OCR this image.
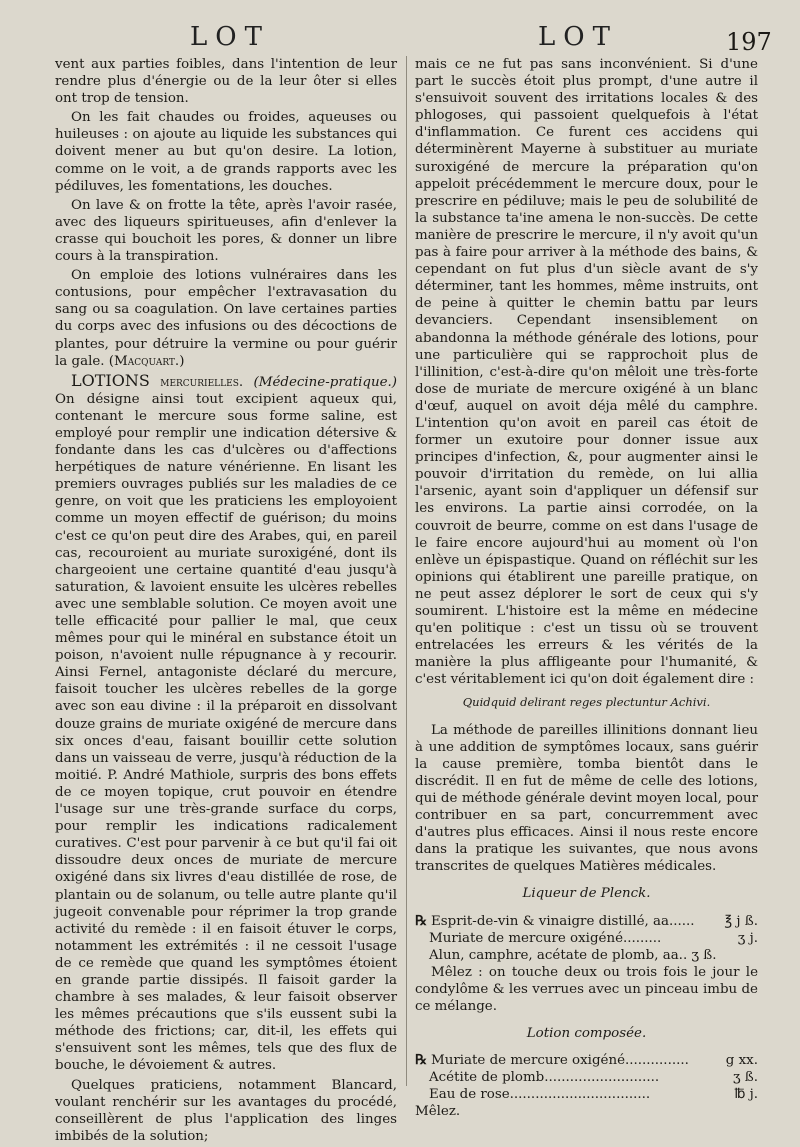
LOT	LOT	197

vent aux parties foibles, dans l'intention de leur rendre plus d'énergie ou de la leur ôter si elles ont trop de tension.

On les fait chaudes ou froides, aqueuses ou huileuses : on ajoute au liquide les substances qui doivent mener au but qu'on desire. La lotion, comme on le voit, a de grands rapports avec les pédiluves, les fomentations, les douches.

On lave & on frotte la tête, après l'avoir rasée, avec des liqueurs spiritueuses, afin d'enlever la crasse qui bouchoit les pores, & donner un libre cours à la transpiration.

On emploie des lotions vulnéraires dans les contusions, pour empêcher l'extravasation du sang ou sa coagulation. On lave certaines parties du corps avec des infusions ou des décoctions de plantes, pour détruire la vermine ou pour guérir la gale. (Macquart.)

LOTIONS mercurielles. (Médecine-pratique.) On désigne ainsi tout excipient aqueux qui, contenant le mercure sous forme saline, est employé pour remplir une indication détersive & fondante dans les cas d'ulcères ou d'affections herpétiques de nature vénérienne. En lisant les premiers ouvrages publiés sur les maladies de ce genre, on voit que les praticiens les employoient comme un moyen effectif de guérison; du moins c'est ce qu'on peut dire des Arabes, qui, en pareil cas, recouroient au muriate suroxigéné, dont ils chargeoient une certaine quantité d'eau jusqu'à saturation, & lavoient ensuite les ulcères rebelles avec une semblable solution. Ce moyen avoit une telle efficacité pour pallier le mal, que ceux mêmes pour qui le minéral en substance étoit un poison, n'avoient nulle répugnance à y recourir. Ainsi Fernel, antagoniste déclaré du mercure, faisoit toucher les ulcères rebelles de la gorge avec son eau divine : il la préparoit en dissolvant douze grains de muriate oxigéné de mercure dans six onces d'eau, faisant bouillir cette solution dans un vaisseau de verre, jusqu'à réduction de la moitié. P. André Mathiole, surpris des bons effets de ce moyen topique, crut pouvoir en étendre l'usage sur une très-grande surface du corps, pour remplir les indications radicalement curatives. C'est pour parvenir à ce but qu'il fai oit dissoudre deux onces de muriate de mercure oxigéné dans six livres d'eau distillée de rose, de plantain ou de solanum, ou telle autre plante qu'il jugeoit convenable pour réprimer la trop grande activité du remède : il en faisoit étuver le corps, notamment les extrémités : il ne cessoit l'usage de ce remède que quand les symptômes étoient en grande partie dissipés. Il faisoit garder la chambre à ses malades, & leur faisoit observer les mêmes précautions que s'ils eussent subi la méthode des frictions; car, dit-il, les effets qui s'ensuivent sont les mêmes, tels que des flux de bouche, le dévoiement & autres.

Quelques praticiens, notamment Blancard, voulant renchérir sur les avantages du procédé, conseillèrent de plus l'application des linges imbibés de la solution;

mais ce ne fut pas sans inconvénient. Si d'une part le succès étoit plus prompt, d'une autre il s'ensuivoit souvent des irritations locales & des phlogoses, qui passoient quelquefois à l'état d'inflammation. Ce furent ces accidens qui déterminèrent Mayerne à substituer au muriate suroxigéné de mercure la préparation qu'on appeloit précédemment le mercure doux, pour le prescrire en pédiluve; mais le peu de solubilité de la substance ta'ine amena le non-succès. De cette manière de prescrire le mercure, il n'y avoit qu'un pas à faire pour arriver à la méthode des bains, & cependant on fut plus d'un siècle avant de s'y déterminer, tant les hommes, même instruits, ont de peine à quitter le chemin battu par leurs devanciers. Cependant insensiblement on abandonna la méthode générale des lotions, pour une particulière qui se rapprochoit plus de l'illinition, c'est-à-dire qu'on mêloit une très-forte dose de muriate de mercure oxigéné à un blanc d'œuf, auquel on avoit déja mêlé du camphre. L'intention qu'on avoit en pareil cas étoit de former un exutoire pour donner issue aux principes d'infection, &, pour augmenter ainsi le pouvoir d'irritation du remède, on lui allia l'arsenic, ayant soin d'appliquer un défensif sur les environs. La partie ainsi corrodée, on la couvroit de beurre, comme on est dans l'usage de le faire encore aujourd'hui au moment où l'on enlève un épispastique. Quand on réfléchit sur les opinions qui établirent une pareille pratique, on ne peut assez déplorer le sort de ceux qui s'y soumirent. L'histoire est la même en médecine qu'en politique : c'est un tissu où se trouvent entrelacées les erreurs & les vérités de la manière la plus affligeante pour l'humanité, & c'est véritablement ici qu'on doit également dire :

Quidquid delirant reges plectuntur Achivi.

La méthode de pareilles illinitions donnant lieu à une addition de symptômes locaux, sans guérir la cause première, tomba bientôt dans le discrédit. Il en fut de même de celle des lotions, qui de méthode générale devint moyen local, pour contribuer en sa part, concurremment avec d'autres plus efficaces. Ainsi il nous reste encore dans la pratique les suivantes, que nous avons transcrites de quelques Matières médicales.

Liqueur de Plenck.

℞ Esprit-de-vin & vinaigre distillé, aa...... ℥ j ß.
Muriate de mercure oxigéné.........	ʒ j.
Alun, camphre, acétate de plomb, aa.. ʒ ß.

Mêlez : on touche deux ou trois fois le jour le condylôme & les verrues avec un pinceau imbu de ce mélange.

Lotion composée.

℞ Muriate de mercure oxigéné...............	g xx.
Acétite de plomb...........................	ʒ ß.
Eau de rose.................................	℔ j.

Mêlez.
